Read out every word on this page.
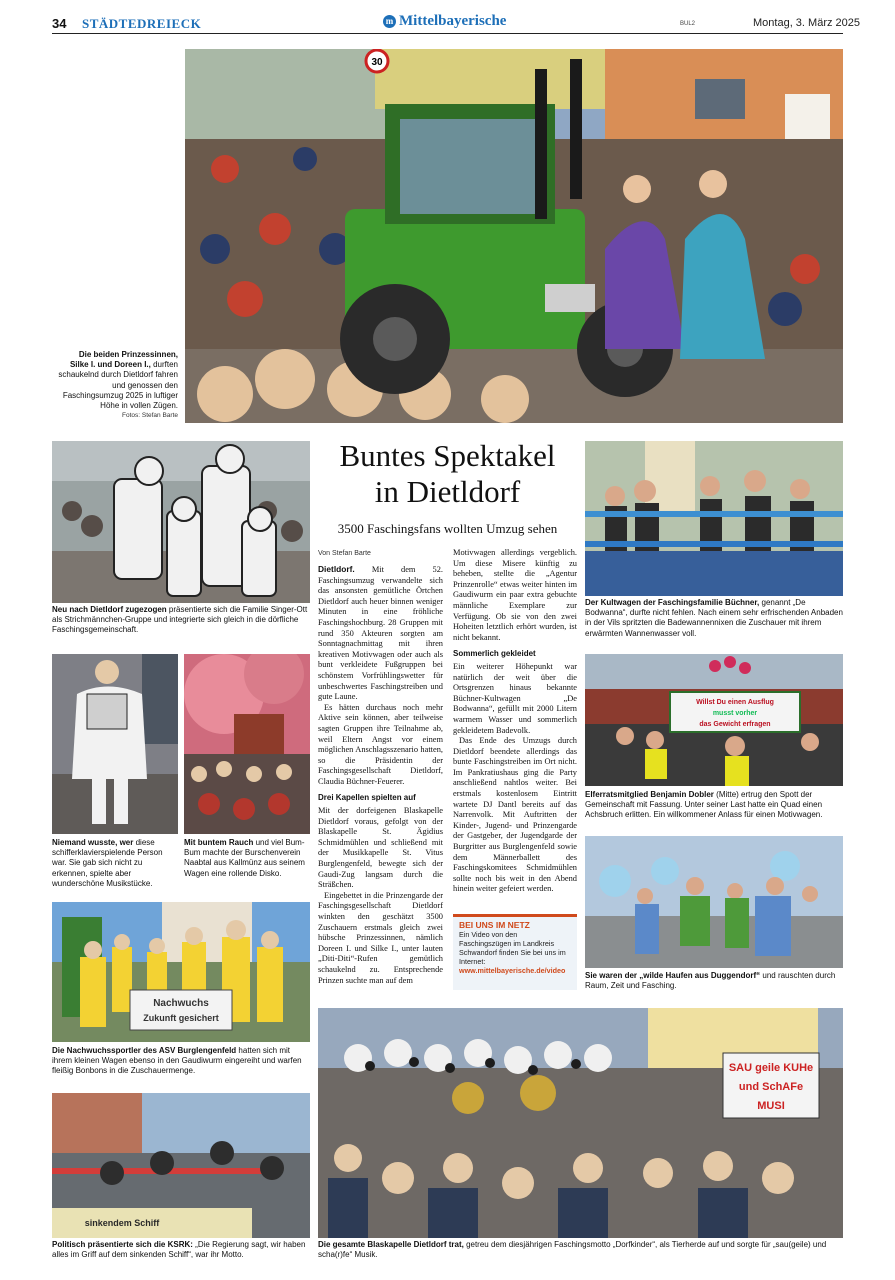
34 STÄDTEDREIECK	m Mittelbayerische	BUL2	Montag, 3. März 2025
30
Die beiden Prinzessinnen, Silke I. und Doreen I., durften schaukelnd durch Dietldorf fahren und genossen den Faschingsumzug 2025 in luftiger Höhe in vollen Zügen.
Fotos: Stefan Barte
Neu nach Dietldorf zugezogen präsentierte sich die Familie Singer-Ott als Strichmännchen-Gruppe und integrierte sich gleich in die dörfliche Faschingsgemeinschaft.
Niemand wusste, wer diese schifferklavierspielende Person war. Sie gab sich nicht zu erkennen, spielte aber wunderschöne Musikstücke.
Mit buntem Rauch und viel Bum-Bum machte der Burschenverein Naabtal aus Kallmünz aus seinem Wagen eine rollende Disko.
Nachwuchs
Zukunft gesichert
Die Nachwuchssportler des ASV Burglengenfeld hatten sich mit ihrem kleinen Wagen ebenso in den Gaudiwurm eingereiht und warfen fleißig Bonbons in die Zuschauermenge.
sinkendem Schiff
Politisch präsentierte sich die KSRK: „Die Regierung sagt, wir haben alles im Griff auf dem sinkenden Schiff“, war ihr Motto.
Buntes Spektakel
in Dietldorf
3500 Faschingsfans wollten Umzug sehen
Von Stefan Barte

Dietldorf. Mit dem 52. Faschingsumzug verwandelte sich das ansonsten gemütliche Örtchen Dietldorf auch heuer binnen weniger Minuten in eine fröhliche Faschingshochburg. 28 Gruppen mit rund 350 Akteuren sorgten am Sonntagnachmittag mit ihren kreativen Motivwagen oder auch als bunt verkleidete Fußgruppen bei schönstem Vorfrühlingswetter für unbeschwertes Faschingstreiben und gute Laune.

Es hätten durchaus noch mehr Aktive sein können, aber teilweise sagten Gruppen ihre Teilnahme ab, weil Eltern Angst vor einem möglichen Anschlagsszenario hatten, so die Präsidentin der Faschingsgesellschaft Dietldorf, Claudia Büchner-Feuerer.

Drei Kapellen spielten auf

Mit der dorfeigenen Blaskapelle Dietldorf voraus, gefolgt von der Blaskapelle St. Ägidius Schmidmühlen und schließend mit der Musikkapelle St. Vitus Burglengenfeld, bewegte sich der Gaudi-Zug langsam durch die Sträßchen.

Eingebettet in die Prinzengarde der Faschingsgesellschaft Dietldorf winkten den geschätzt 3500 Zuschauern erstmals gleich zwei hübsche Prinzessinnen, nämlich Doreen I. und Silke I., unter lauten „Diti-Diti“-Rufen gemütlich schaukelnd zu. Entsprechende Prinzen suchte man auf dem

Motivwagen allerdings vergeblich. Um diese Misere künftig zu beheben, stellte die „Agentur Prinzenrolle“ etwas weiter hinten im Gaudiwurm ein paar extra gebuchte männliche Exemplare zur Verfügung. Ob sie von den zwei Hoheiten letztlich erhört wurden, ist nicht bekannt.

Sommerlich gekleidet

Ein weiterer Höhepunkt war natürlich der weit über die Ortsgrenzen hinaus bekannte Büchner-Kultwagen „De Bodwanna“, gefüllt mit 2000 Litern warmem Wasser und sommerlich gekleidetem Badevolk.

Das Ende des Umzugs durch Dietldorf beendete allerdings das bunte Faschingstreiben im Ort nicht. Im Pankratiushaus ging die Party anschließend nahtlos weiter. Bei erstmals kostenlosem Eintritt wartete DJ Dantl bereits auf das Narrenvolk. Mit Auftritten der Kinder-, Jugend- und Prinzengarde der Gastgeber, der Jugendgarde der Burgritter aus Burglengenfeld sowie dem Männerballett des Faschingskomitees Schmidmühlen sollte noch bis weit in den Abend hinein weiter gefeiert werden.

BEI UNS IM NETZ
Ein Video von den Faschingszügen im Landkreis Schwandorf finden Sie bei uns im Internet:
www.mittelbayerische.de/video
Der Kultwagen der Faschingsfamilie Büchner, genannt „De Bodwanna“, durfte nicht fehlen. Nach einem sehr erfrischenden Anbaden in der Vils spritzten die Badewannennixen die Zuschauer mit ihrem erwärmten Wannenwasser voll.
Willst Du einen Ausflug
musst vorher
das Gewicht erfragen
Elferratsmitglied Benjamin Dobler (Mitte) ertrug den Spott der Gemeinschaft mit Fassung. Unter seiner Last hatte ein Quad einen Achsbruch erlitten. Ein willkommener Anlass für einen Motivwagen.
Sie waren der „wilde Haufen aus Duggendorf“ und rauschten durch Raum, Zeit und Fasching.
SAU geile KUHe
und SchAFe
MUSI
Die gesamte Blaskapelle Dietldorf trat, getreu dem diesjährigen Faschingsmotto „Dorfkinder“, als Tierherde auf und sorgte für „sau(geile) und scha(r)fe“ Musik.
